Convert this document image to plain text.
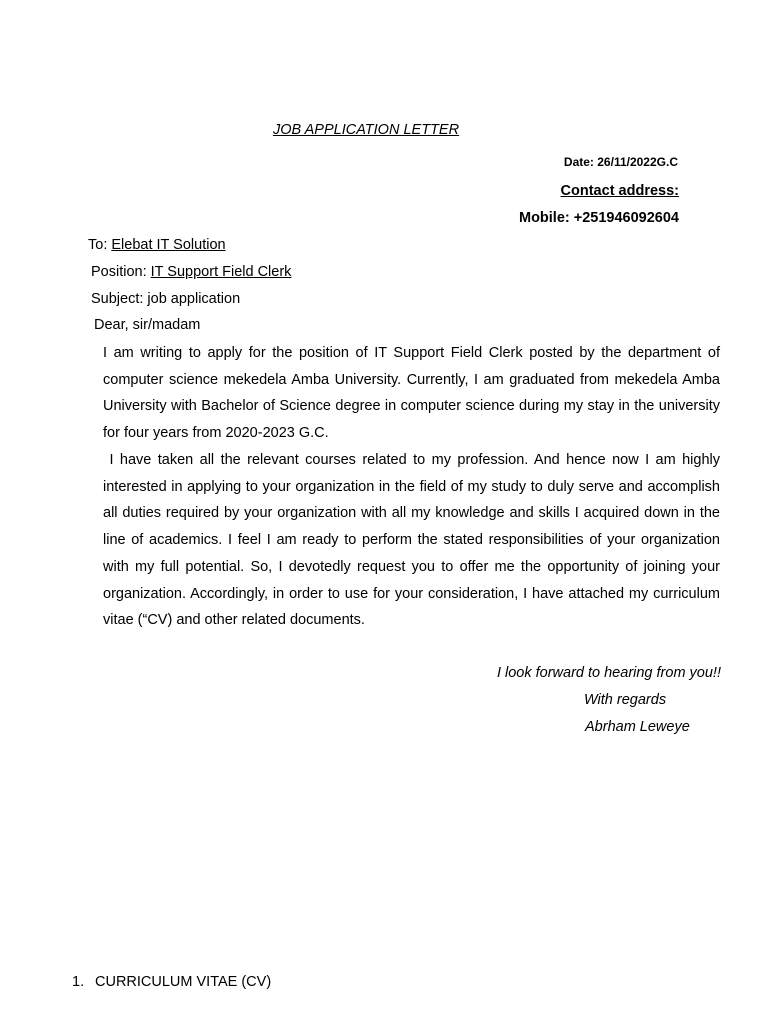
JOB APPLICATION LETTER
Date: 26/11/2022G.C
Contact address:
Mobile: +251946092604
To: Elebat IT Solution
Position: IT Support Field Clerk
Subject: job application
Dear, sir/madam

I am writing to apply for the position of IT Support Field Clerk posted by the department of computer science mekedela Amba University. Currently, I am graduated from mekedela Amba University with Bachelor of Science degree in computer science during my stay in the university for four years from 2020-2023 G.C.

I have taken all the relevant courses related to my profession. And hence now I am highly interested in applying to your organization in the field of my study to duly serve and accomplish all duties required by your organization with all my knowledge and skills I acquired down in the line of academics. I feel I am ready to perform the stated responsibilities of your organization with my full potential. So, I devotedly request you to offer me the opportunity of joining your organization. Accordingly, in order to use for your consideration, I have attached my curriculum vitae (“CV) and other related documents.

I look forward to hearing from you!!
With regards
Abrham Leweye
1. CURRICULUM VITAE (CV)
